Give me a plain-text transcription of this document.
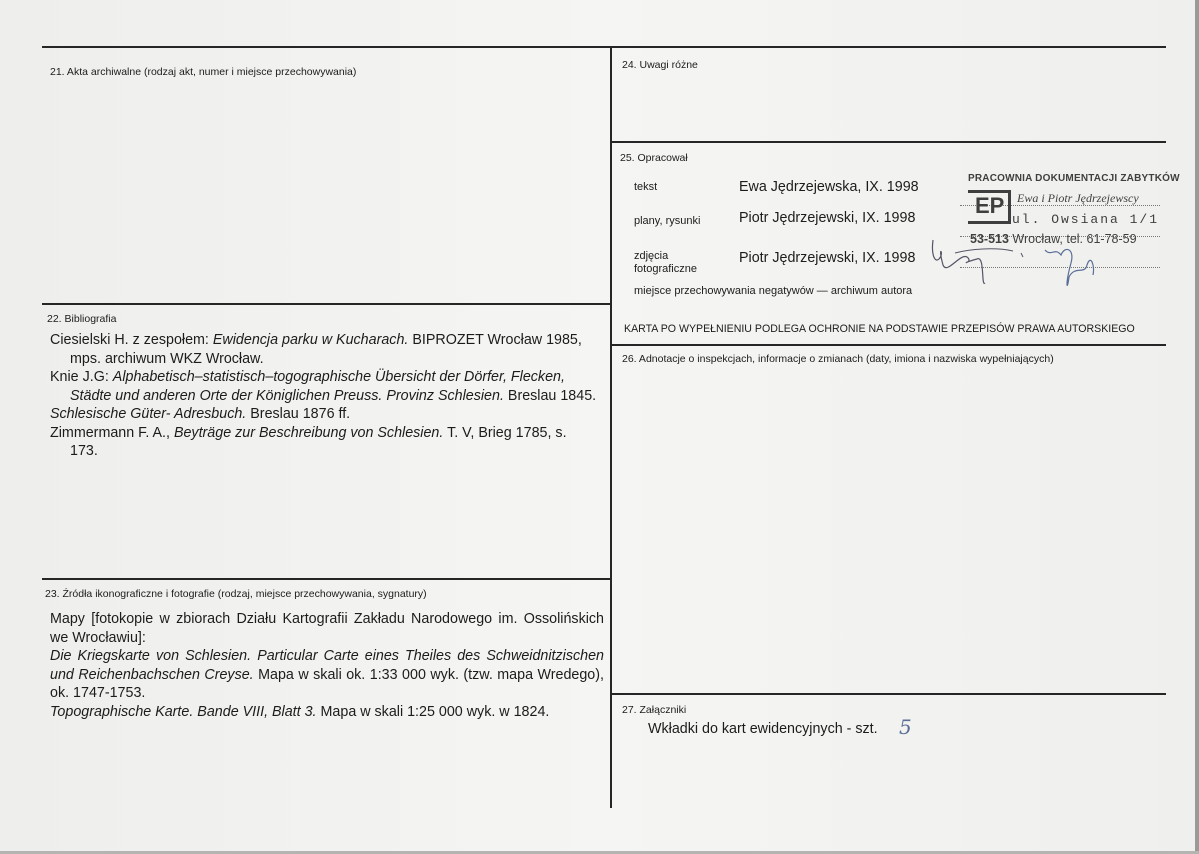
21. Akta archiwalne (rodzaj akt, numer i miejsce przechowywania)
22. Bibliografia

Ciesielski H. z zespołem: Ewidencja parku w Kucharach. BIPROZET Wrocław 1985, mps. archiwum WKZ Wrocław.

Knie J.G: Alphabetisch–statistisch–togographische Übersicht der Dörfer, Flecken, Städte und anderen Orte der Königlichen Preuss. Provinz Schlesien. Breslau 1845.

Schlesische Güter- Adresbuch. Breslau 1876 ff.

Zimmermann F. A., Beyträge zur Beschreibung von Schlesien. T. V, Brieg 1785, s. 173.

23. Źródła ikonograficzne i fotografie (rodzaj, miejsce przechowywania, sygnatury)

Mapy [fotokopie w zbiorach Działu Kartografii Zakładu Narodowego im. Ossolińskich we Wrocławiu]:

Die Kriegskarte von Schlesien. Particular Carte eines Theiles des Schweidnitzischen und Reichenbachschen Creyse. Mapa w skali ok. 1:33 000 wyk. (tzw. mapa Wredego), ok. 1747-1753.

Topographische Karte. Bande VIII, Blatt 3. Mapa w skali 1:25 000 wyk. w 1824.

24. Uwagi różne
25. Opracował
tekst	Ewa Jędrzejewska, IX. 1998
plany, rysunki	Piotr Jędrzejewski, IX. 1998
zdjęcia
fotograficzne
Piotr Jędrzejewski, IX. 1998
miejsce przechowywania negatywów — archiwum autora
PRACOWNIA DOKUMENTACJI ZABYTKÓW
EP Ewa i Piotr Jędrzejewscy
ul. Owsiana 1/1
53-513 Wrocław, tel. 61-78-59
KARTA PO WYPEŁNIENIU PODLEGA OCHRONIE NA PODSTAWIE PRZEPISÓW PRAWA AUTORSKIEGO
26. Adnotacje o inspekcjach, informacje o zmianach (daty, imiona i nazwiska wypełniających)
27. Załączniki
Wkładki do kart ewidencyjnych - szt. 5
